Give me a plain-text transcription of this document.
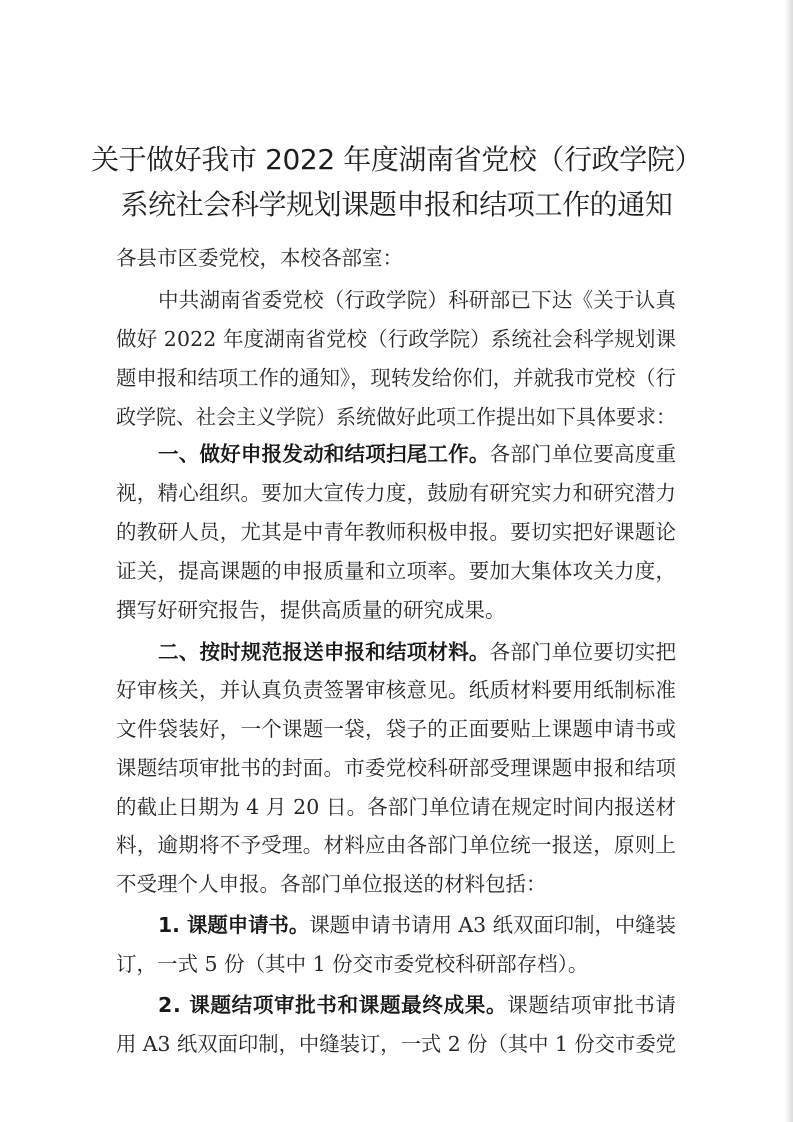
关于做好我市 2022 年度湖南省党校（行政学院）
系统社会科学规划课题申报和结项工作的通知
各县市区委党校，本校各部室：
中共湖南省委党校（行政学院）科研部已下达《关于认真
做好 2022 年度湖南省党校（行政学院）系统社会科学规划课
题申报和结项工作的通知》，现转发给你们，并就我市党校（行
政学院、社会主义学院）系统做好此项工作提出如下具体要求：
一、做好申报发动和结项扫尾工作。各部门单位要高度重
视，精心组织。要加大宣传力度，鼓励有研究实力和研究潜力
的教研人员，尤其是中青年教师积极申报。要切实把好课题论
证关，提高课题的申报质量和立项率。要加大集体攻关力度，
撰写好研究报告，提供高质量的研究成果。
二、按时规范报送申报和结项材料。各部门单位要切实把
好审核关，并认真负责签署审核意见。纸质材料要用纸制标准
文件袋装好，一个课题一袋，袋子的正面要贴上课题申请书或
课题结项审批书的封面。市委党校科研部受理课题申报和结项
的截止日期为 4 月 20 日。各部门单位请在规定时间内报送材
料，逾期将不予受理。材料应由各部门单位统一报送，原则上
不受理个人申报。各部门单位报送的材料包括：
1. 课题申请书。课题申请书请用 A3 纸双面印制，中缝装
订，一式 5 份（其中 1 份交市委党校科研部存档）。
2. 课题结项审批书和课题最终成果。课题结项审批书请
用 A3 纸双面印制，中缝装订，一式 2 份（其中 1 份交市委党
